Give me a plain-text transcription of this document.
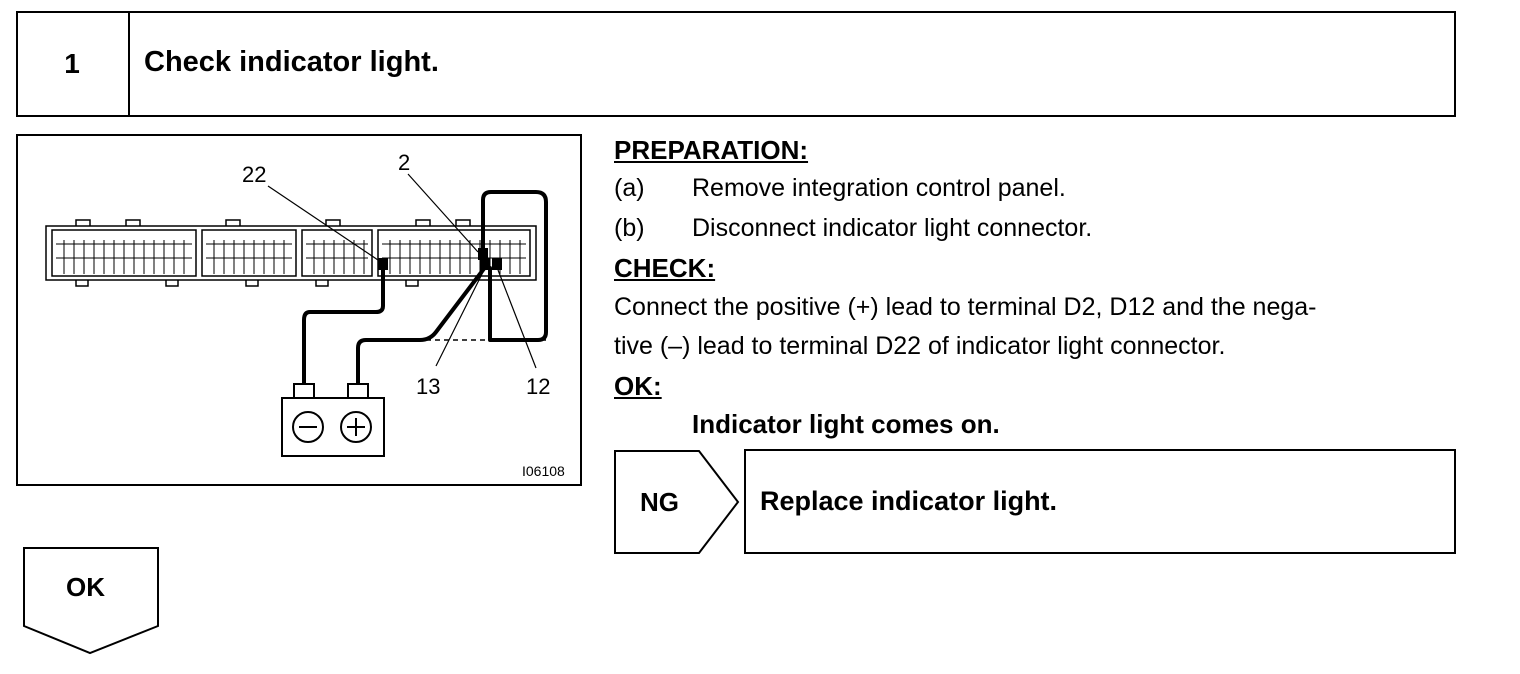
1	Check indicator light.
22	2
13	12
I06108
PREPARATION:
(a) Remove integration control panel.
(b) Disconnect indicator light connector.
CHECK:
Connect the positive (+) lead to terminal D2, D12 and the nega-
tive (–) lead to terminal D22 of indicator light connector.
OK:
Indicator light comes on.
NG	Replace indicator light.
OK
